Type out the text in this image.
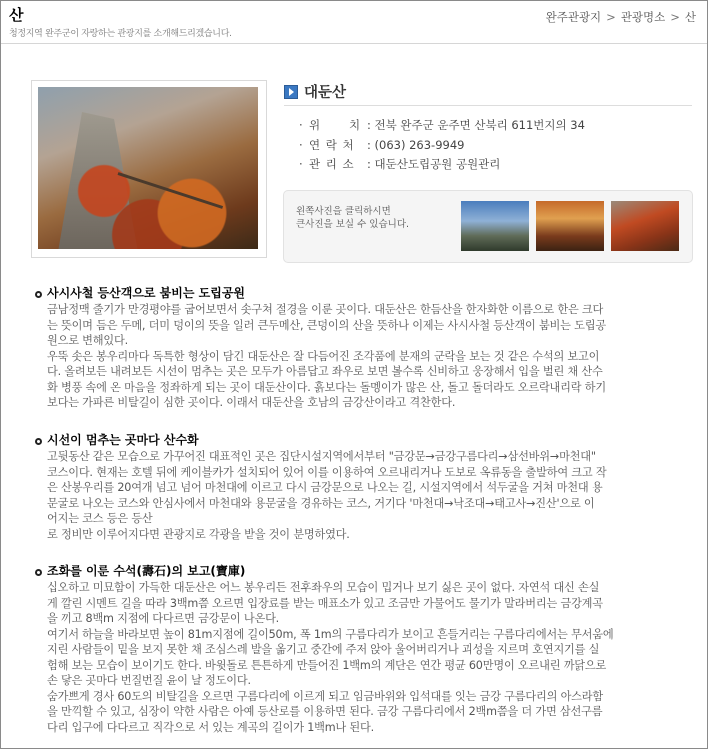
산
청정지역 완주군이 자랑하는 관광지를 소개해드리겠습니다.
완주관광지 > 관광명소 > 산
대둔산
· 위      치 : 전북 완주군 운주면 산북리 611번지의 34
· 연 락 처 : (063) 263-9949
· 관 리 소 : 대둔산도립공원 공원관리
왼쪽사진을 클릭하시면
큰사진을 보실 수 있습니다.
사시사철 등산객으로 붐비는 도립공원

금남정맥 줄기가 만경평야를 굽어보면서 솟구쳐 절경을 이룬 곳이다. 대둔산은 한듬산을 한자화한 이름으로 한은 크다
는 뜻이며 듬은 두메, 더미 덩이의 뜻을 일러 큰두메산, 큰덩이의 산을 뜻하나 이제는 사시사철 등산객이 붐비는 도립공
원으로 변해있다.
우뚝 솟은 봉우리마다 독특한 형상이 담긴 대둔산은 잘 다듬어진 조각품에 분재의 군락을 보는 것 같은 수석의 보고이
다. 올려보든 내려보든 시선이 멈추는 곳은 모두가 아름답고 좌우로 보면 볼수록 신비하고 웅장해서 입을 벌린 채 산수
화 병풍 속에 온 마음을 정좌하게 되는 곳이 대둔산이다. 흙보다는 돌멩이가 많은 산, 돌고 돌더라도 오르락내리락 하기
보다는 가파른 비탈길이 심한 곳이다. 이래서 대둔산을 호남의 금강산이라고 격찬한다.

시선이 멈추는 곳마다 산수화

고뒷동산 같은 모습으로 가꾸어진 대표적인 곳은 집단시설지역에서부터 "금강문→금강구름다리→삼선바위→마천대"
코스이다. 현재는 호텔 뒤에 케이블카가 설치되어 있어 이를 이용하여 오르내리거나 도보로 옥류동을 출발하여 크고 작
은 산봉우리를 20여개 넘고 넘어 마천대에 이르고 다시 금강문으로 나오는 길, 시설지역에서 석두굴을 거쳐 마천대 용
문굴로 나오는 코스와 안심사에서 마천대와 용문굴을 경유하는 코스, 거기다 '마천대→낙조대→태고사→진산'으로 이
어지는 코스 등은 등산
로 정비만 이루어지다면 관광지로 각광을 받을 것이 분명하였다.

조화를 이룬 수석(壽石)의 보고(寶庫)

십오하고 미묘함이 가득한 대둔산은 어느 봉우리든 전후좌우의 모습이 밉거나 보기 싫은 곳이 없다. 자연석 대신 손실
게 깔린 시멘트 길을 따라 3백m쯤 오르면 입장료를 받는 매표소가 있고 조금만 가물어도 물기가 말라버리는 금강계곡
을 끼고 8백m 지점에 다다르면 금강문이 나온다.
여기서 하늘을 바라보면 높이 81m지점에 길이50m, 폭 1m의 구름다리가 보이고 흔들거리는 구름다리에서는 무서움에
지린 사람들이 밑을 보지 못한 채 조심스레 발을 옮기고 중간에 주저 앉아 울어버리거나 괴성을 지르며 호연지기를 실
험해 보는 모습이 보이기도 한다. 바윗돌로 튼튼하게 만들어진 1백m의 계단은 연간 평균 60만명이 오르내린 까닭으로
손 닿은 곳마다 번질번질 윤이 날 정도이다.
숨가쁘게 경사 60도의 비탈길을 오르면 구름다리에 이르게 되고 임금바위와 입석대를 잇는 금강 구름다리의 아스라함
을 만끽할 수 있고, 심장이 약한 사람은 아예 등산로를 이용하면 된다. 금강 구름다리에서 2백m쯤을 더 가면 삼선구름
다리 입구에 다다르고 직각으로 서 있는 계곡의 길이가 1백m나 된다.
